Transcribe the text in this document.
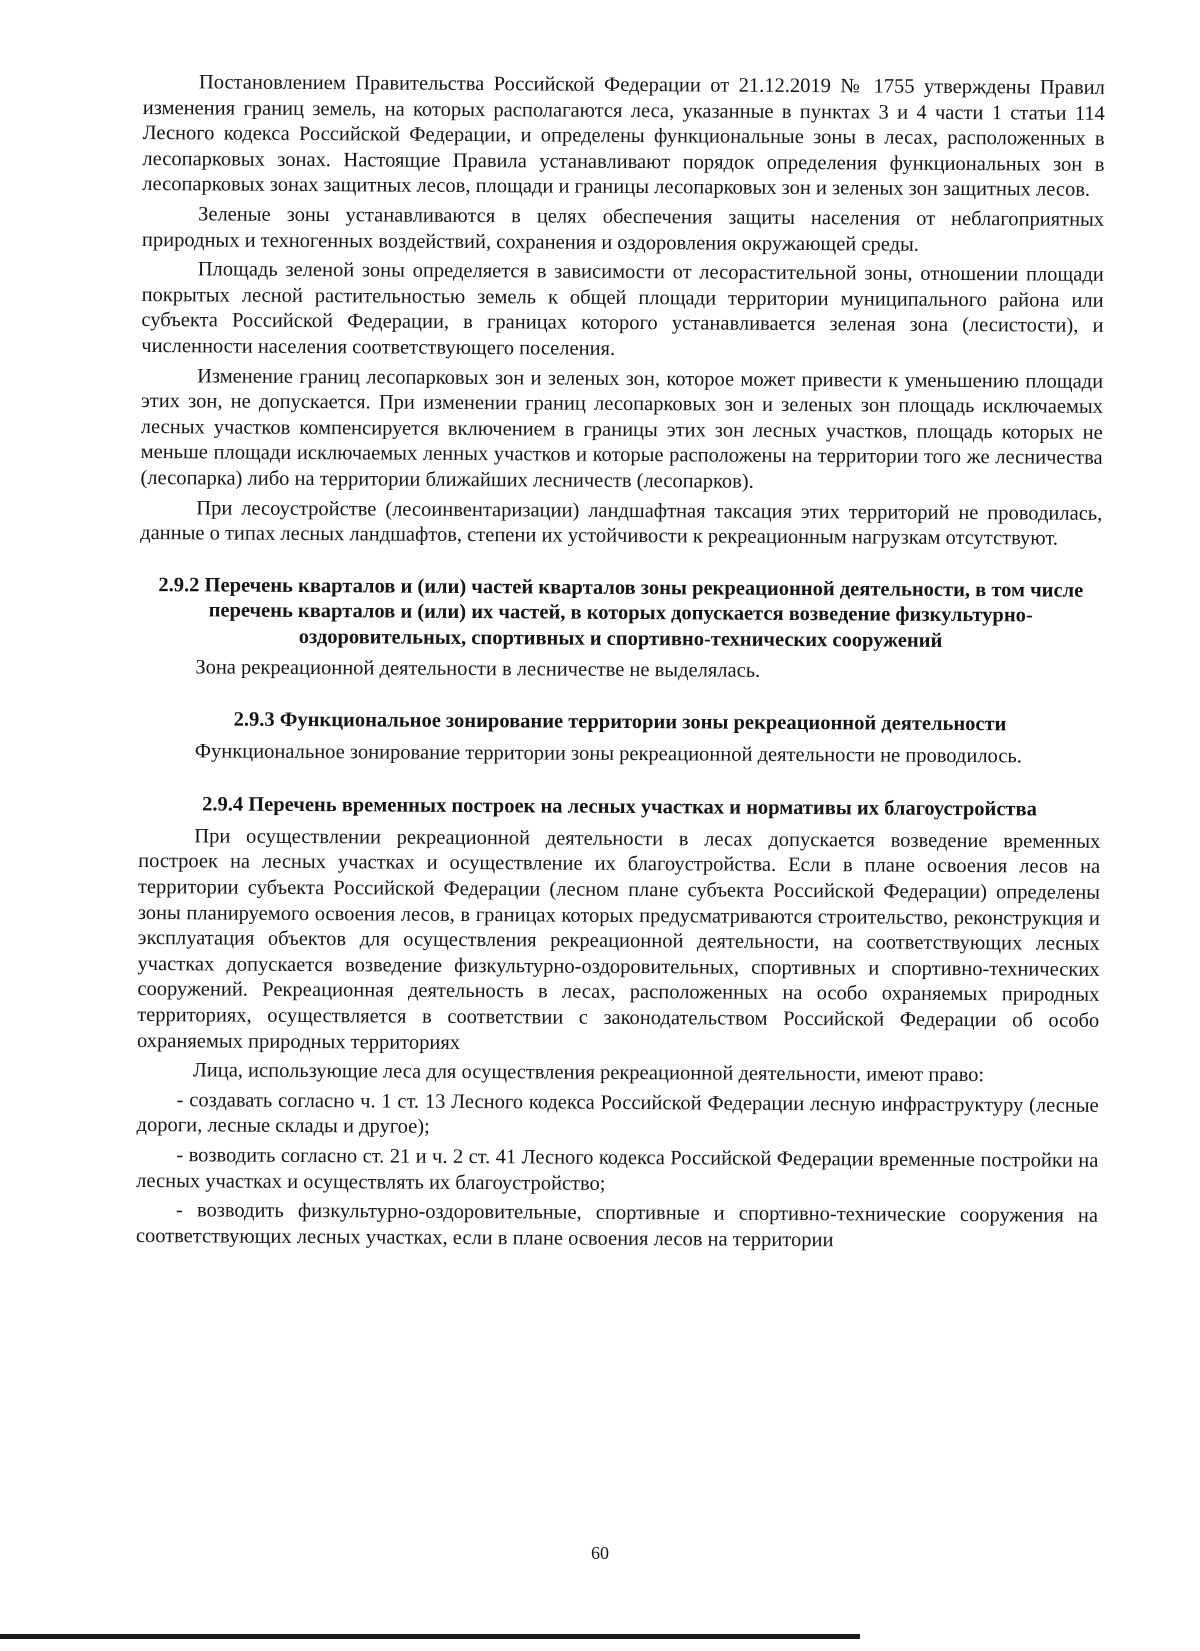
Постановлением Правительства Российской Федерации от 21.12.2019 № 1755 утверждены Правил изменения границ земель, на которых располагаются леса, указанные в пунктах 3 и 4 части 1 статьи 114 Лесного кодекса Российской Федерации, и определены функциональные зоны в лесах, расположенных в лесопарковых зонах. Настоящие Правила устанавливают порядок определения функциональных зон в лесопарковых зонах защитных лесов, площади и границы лесопарковых зон и зеленых зон защитных лесов.

Зеленые зоны устанавливаются в целях обеспечения защиты населения от неблагоприятных природных и техногенных воздействий, сохранения и оздоровления окружающей среды.

Площадь зеленой зоны определяется в зависимости от лесорастительной зоны, отношении площади покрытых лесной растительностью земель к общей площади территории муниципального района или субъекта Российской Федерации, в границах которого устанавливается зеленая зона (лесистости), и численности населения соответствующего поселения.

Изменение границ лесопарковых зон и зеленых зон, которое может привести к уменьшению площади этих зон, не допускается. При изменении границ лесопарковых зон и зеленых зон площадь исключаемых лесных участков компенсируется включением в границы этих зон лесных участков, площадь которых не меньше площади исключаемых ленных участков и которые расположены на территории того же лесничества (лесопарка) либо на территории ближайших лесничеств (лесопарков).

При лесоустройстве (лесоинвентаризации) ландшафтная таксация этих территорий не проводилась, данные о типах лесных ландшафтов, степени их устойчивости к рекреационным нагрузкам отсутствуют.

2.9.2 Перечень кварталов и (или) частей кварталов зоны рекреационной деятельности, в том числе перечень кварталов и (или) их частей, в которых допускается возведение физкультурно-оздоровительных, спортивных и спортивно-технических сооружений

Зона рекреационной деятельности в лесничестве не выделялась.

2.9.3 Функциональное зонирование территории зоны рекреационной деятельности

Функциональное зонирование территории зоны рекреационной деятельности не проводилось.

2.9.4 Перечень временных построек на лесных участках и нормативы их благоустройства

При осуществлении рекреационной деятельности в лесах допускается возведение временных построек на лесных участках и осуществление их благоустройства. Если в плане освоения лесов на территории субъекта Российской Федерации (лесном плане субъекта Российской Федерации) определены зоны планируемого освоения лесов, в границах которых предусматриваются строительство, реконструкция и эксплуатация объектов для осуществления рекреационной деятельности, на соответствующих лесных участках допускается возведение физкультурно-оздоровительных, спортивных и спортивно-технических сооружений. Рекреационная деятельность в лесах, расположенных на особо охраняемых природных территориях, осуществляется в соответствии с законодательством Российской Федерации об особо охраняемых природных территориях

Лица, использующие леса для осуществления рекреационной деятельности, имеют право:

- создавать согласно ч. 1 ст. 13 Лесного кодекса Российской Федерации лесную инфраструктуру (лесные дороги, лесные склады и другое);

- возводить согласно ст. 21 и ч. 2 ст. 41 Лесного кодекса Российской Федерации временные постройки на лесных участках и осуществлять их благоустройство;

- возводить физкультурно-оздоровительные, спортивные и спортивно-технические сооружения на соответствующих лесных участках, если в плане освоения лесов на территории

60
